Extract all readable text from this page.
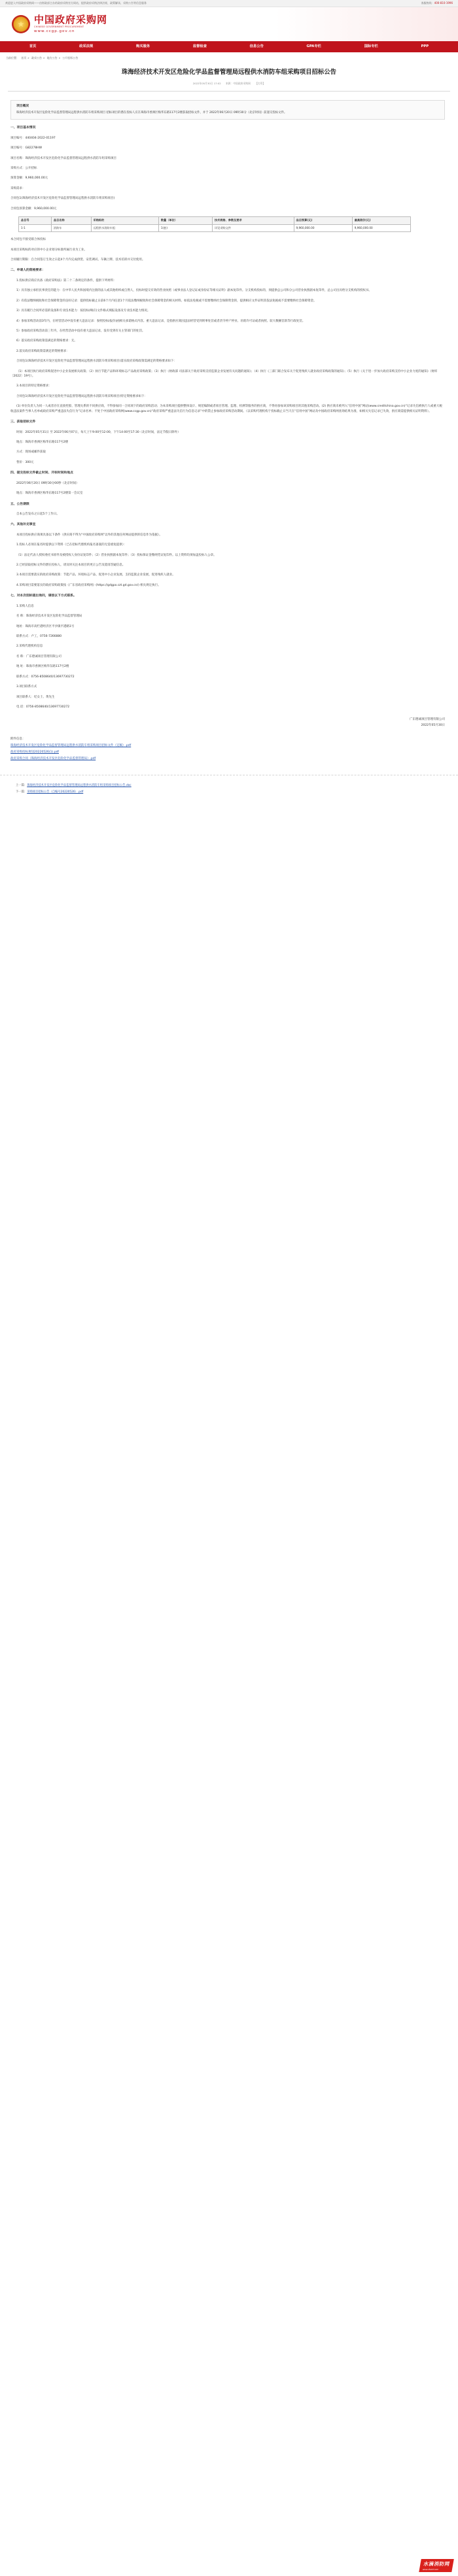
欢迎进入中国政府采购网——由财政部主办的政府采购官方网站，提供政府采购法律法规、政策解读、采购公告等信息服务	客服热线：400-810-1996
★ 中国政府采购网
CHINESE GOVERNMENT PROCUREMENT
www.ccgp.gov.cn
首页	政采法规	购买服务	监督检查	信息公告	GPA专栏	国际专栏	PPP
当前位置： 首页 » 政采公告 » 地方公告 » 公开招标公告
珠海经济技术开发区危险化学品监督管理局远程供水消防车组采购项目招标公告
2022年05月30日 17:02 来源：中国政府采购网 【打印】
项目概况

珠海经济技术开发区危险化学品监督管理局远程供水消防车组采购项目 招标项目的潜在投标人应在珠海市香洲区梅华东路117号2楼获取招标文件，并于 2022年06月20日 09时30分（北京时间）前递交投标文件。

一、项目基本情况
项目编号：440404-2022-01197
项目编号：G82278HW
项目名称：珠海经济技术开发区危险化学品监督管理局远程供水消防车组采购项目
采购方式：公开招标
预算金额：9,960,000.00元
采购需求：
合同包1(珠海经济技术开发区危险化学品监督管理局远程供水消防车组采购项目)
合同包预算金额：9,960,000.00元
品目号	品目名称	采购标的	数量（单位）	技术规格、参数及要求	品目预算(元)	最高限价(元)
1-1	消防车	远程供水消防车组	1(套)	详见采购文件	9,960,000.00	9,960,000.00
本合同包不接受联合体投标
本项目采购标的对应的中小企业划分标准所属行业为工业。
合同履行期限：自合同签订生效之日起4个月内完成供货、安装调试、车辆上牌、技术培训并交付使用。
二、申请人的资格要求：
1.投标供应商应具备《政府采购法》第二十二条规定的条件，提供下列材料：
1）具有独立承担民事责任的能力：在中华人民共和国境内注册的法人或其他组织或自然人，投标时提交有效的营业执照（或事业法人登记证或身份证等相关证明）副本复印件。分支机构投标的，须提供总公司和分公司营业执照副本复印件，总公司出具给分支机构的授权书。
2）有依法缴纳税收和社会保障资金的良好记录：提供投标截止日前6个月内任意1个月依法缴纳税收和社会保障资金的相关材料。如依法免税或不需要缴纳社会保障资金的，提供相应文件证明其依法免税或不需要缴纳社会保障资金。
3）具有履行合同所必需的设备和专业技术能力：按投标(响应)文件格式填报设备及专业技术能力情况。
4）参加采购活动前3年内，在经营活动中没有重大违法记录：参照投标(报价)函相关承诺格式内容。重大违法记录，是指供应商因违法经营受到刑事处罚或者责令停产停业、吊销许可证或者执照、较大数额罚款等行政处罚。
5）参加政府采购活动前三年内，在经营活动中没有重大违法记录，没有受到有关主管部门的处罚。
6）落实政府采购政策需满足的资格要求：无。
2.落实政府采购政策需满足的资格要求：
合同包1(珠海经济技术开发区危险化学品监督管理局远程供水消防车组采购项目)落实政府采购政策需满足的资格要求如下：
（1）本项目执行政府采购促进中小企业发展相关政策；（2）执行节能产品和环境标志产品政府采购政策；（3）执行《财政部 司法部关于政府采购支持监狱企业发展有关问题的通知》；（4）执行《三部门联合发布关于促进残疾人就业政府采购政策的通知》；（5）执行《关于进一步加大政府采购支持中小企业力度的通知》（财库〔2022〕19号）。
3.本项目的特定资格要求：
合同包1(珠海经济技术开发区危险化学品监督管理局远程供水消防车组采购项目)特定资格要求如下：
(1) 单位负责人为同一人或者存在直接控股、管理关系的不同供应商，不得参加同一合同项下的政府采购活动；为本采购项目提供整体设计、规范编制或者项目管理、监理、检测等服务的供应商，不得再参加该采购项目的其他采购活动。(2) 供应商未被列入“信用中国”网站(www.creditchina.gov.cn)“记录失信被执行人或重大税收违法案件当事人名单或政府采购严重违法失信行为”记录名单；不处于中国政府采购网(www.ccgp.gov.cn)“政府采购严重违法失信行为信息记录”中的禁止参加政府采购活动期间。（以采购代理机构于投标截止日当天在“信用中国”网站及中国政府采购网查询结果为准，如相关失信记录已失效，供应商需提供相关证明资料）。
三、获取招标文件
时间：2022年05月31日 至 2022年06月07日，每天上午9:00至12:00，下午14:00至17:30（北京时间，法定节假日除外）
地点：珠海市香洲区梅华东路117号2楼
方式：现场或邮件获取
售价：300元
四、提交投标文件截止时间、开标时间和地点
2022年06月20日 09时30分00秒（北京时间）
地点：珠海市香洲区梅华东路117号2楼第一会议室
五、公告期限
自本公告发布之日起5个工作日。
六、其他补充事宜
本项目投标供应商须具备以下条件（供应商不得为“中国政府采购网”以外的其他任何网站提供的信息作为依据）。
1.投标人必须在报名时提供以下资料（已在招标代理机构报名备案的无需重复提供）：
（1）法定代表人授权委托书原件及被授权人身份证复印件；（2）营业执照副本复印件；（3）投标保证金缴纳凭证复印件。以上资料均须加盖投标人公章。
2.已经获取招标文件的潜在投标人，请及时关注本项目的更正公告及澄清答疑信息。
3.本项目需要落实的政府采购政策：节能产品、环境标志产品、促进中小企业发展、支持监狱企业发展、促进残疾人就业。
4.采购项目需要落实的政府采购政策按《广东省政府采购网》(https://gdgpo.czt.gd.gov.cn/) 相关规定执行。
七、对本次招标提出询问，请按以下方式联系。
1.采购人信息
名 称：珠海经济技术开发区危险化学品监督管理局
地址：珠海市高栏港经济区平沙镇平港路1号
联系方式：卢工，0756-7266880
2.采购代理机构信息
名 称：广东德诚项目管理有限公司
地 址：珠海市香洲区梅华东路117号2楼
联系方式：0756-8508640/13697730272
3.项目联系方式
项目联系人：纪女士、黄先生
电 话：0756-8508640/13697730272
广东德诚项目管理有限公司
2022年05月30日
附件信息：
珠海经济技术开发区危险化学品监督管理局远程供水消防车组采购项目招标文件（定稿）.pdf
政府采购投标须知20220526(1).pdf
政府采购合同（珠海经济技术开发区危险化学品监督管理局）.pdf
上一篇：珠海经济技术开发区危险化学品监督管理局远程供水消防车组采购项目招标公告.doc
下一篇：采购项目招标公告（自编号20220526）.pdf
水滴消防网
www.xfsdxf.com
